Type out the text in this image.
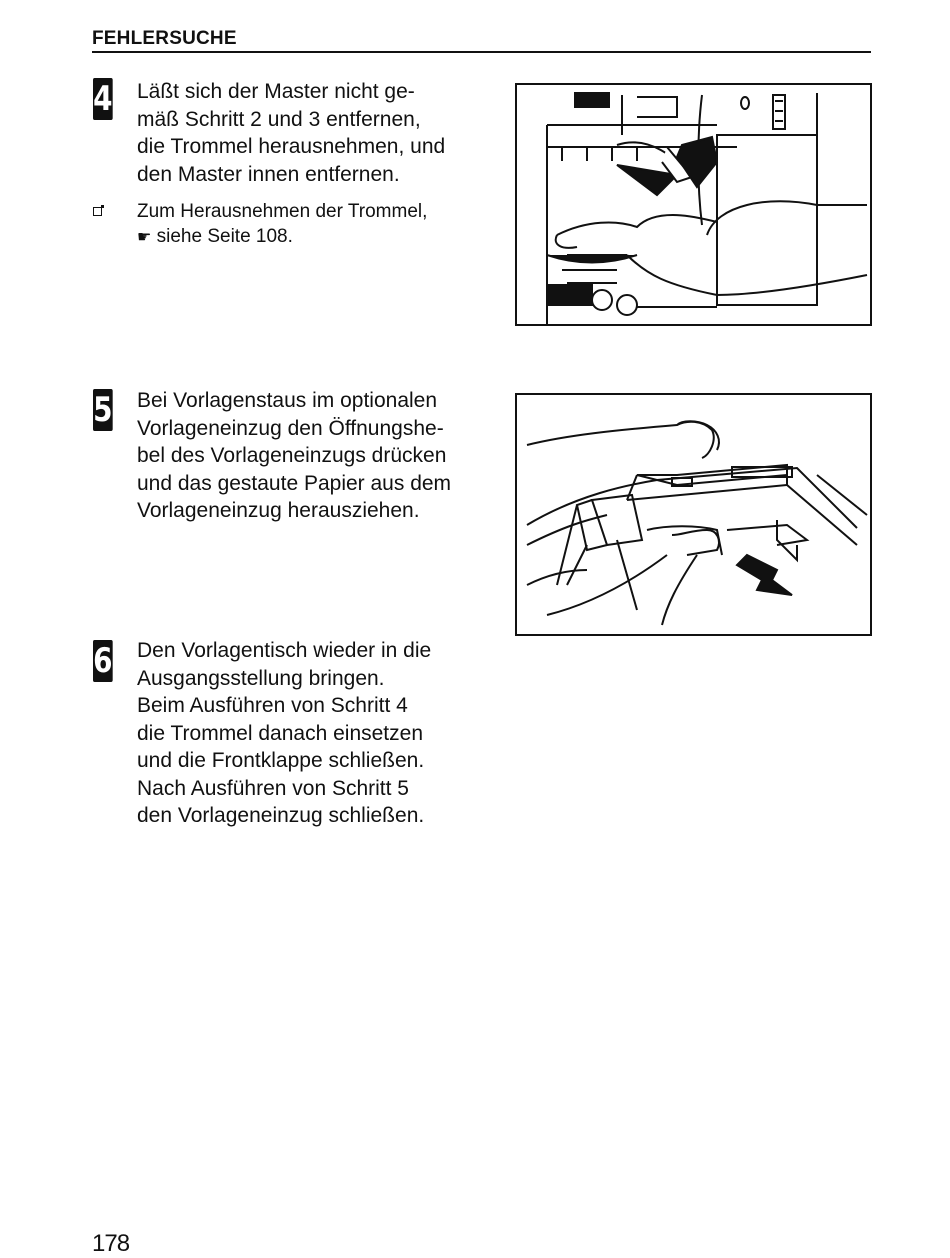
FEHLERSUCHE
4 Läßt sich der Master nicht ge-
mäß Schritt 2 und 3 entfernen,
die Trommel herausnehmen, und
den Master innen entfernen.
Zum Herausnehmen der Trommel,
☛ siehe Seite 108.
5 Bei Vorlagenstaus im optionalen
Vorlageneinzug den Öffnungshe-
bel des Vorlageneinzugs drücken
und das gestaute Papier aus dem
Vorlageneinzug herausziehen.
6 Den Vorlagentisch wieder in die
Ausgangsstellung bringen.
Beim Ausführen von Schritt 4
die Trommel danach einsetzen
und die Frontklappe schließen.
Nach Ausführen von Schritt 5
den Vorlageneinzug schließen.
178
